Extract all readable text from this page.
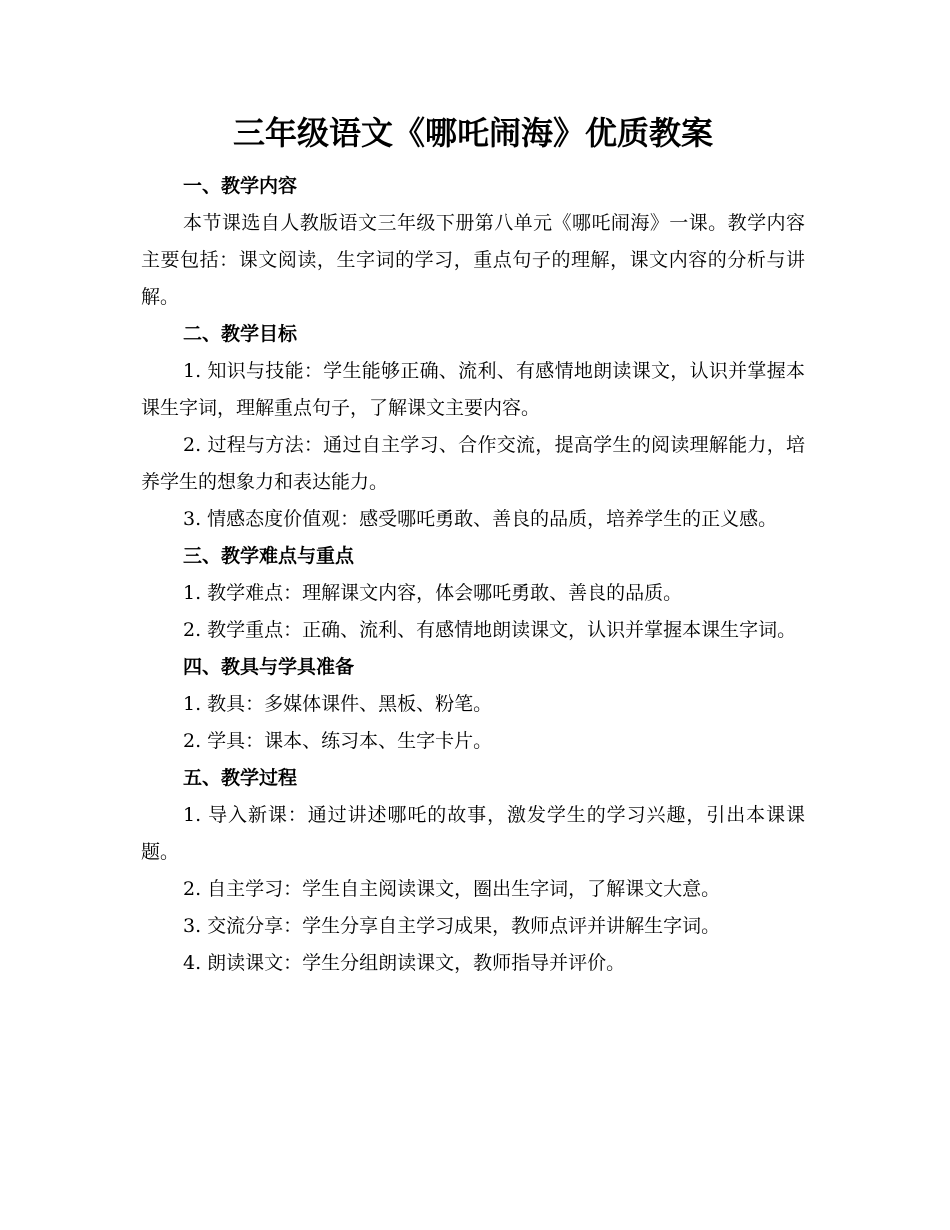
三年级语文《哪吒闹海》优质教案
一、教学内容

本节课选自人教版语文三年级下册第八单元《哪吒闹海》一课。教学内容主要包括：课文阅读，生字词的学习，重点句子的理解，课文内容的分析与讲解。

二、教学目标

1. 知识与技能：学生能够正确、流利、有感情地朗读课文，认识并掌握本课生字词，理解重点句子，了解课文主要内容。

2. 过程与方法：通过自主学习、合作交流，提高学生的阅读理解能力，培养学生的想象力和表达能力。

3. 情感态度价值观：感受哪吒勇敢、善良的品质，培养学生的正义感。

三、教学难点与重点

1. 教学难点：理解课文内容，体会哪吒勇敢、善良的品质。

2. 教学重点：正确、流利、有感情地朗读课文，认识并掌握本课生字词。

四、教具与学具准备

1. 教具：多媒体课件、黑板、粉笔。

2. 学具：课本、练习本、生字卡片。

五、教学过程

1. 导入新课：通过讲述哪吒的故事，激发学生的学习兴趣，引出本课课题。

2. 自主学习：学生自主阅读课文，圈出生字词，了解课文大意。

3. 交流分享：学生分享自主学习成果，教师点评并讲解生字词。

4. 朗读课文：学生分组朗读课文，教师指导并评价。
